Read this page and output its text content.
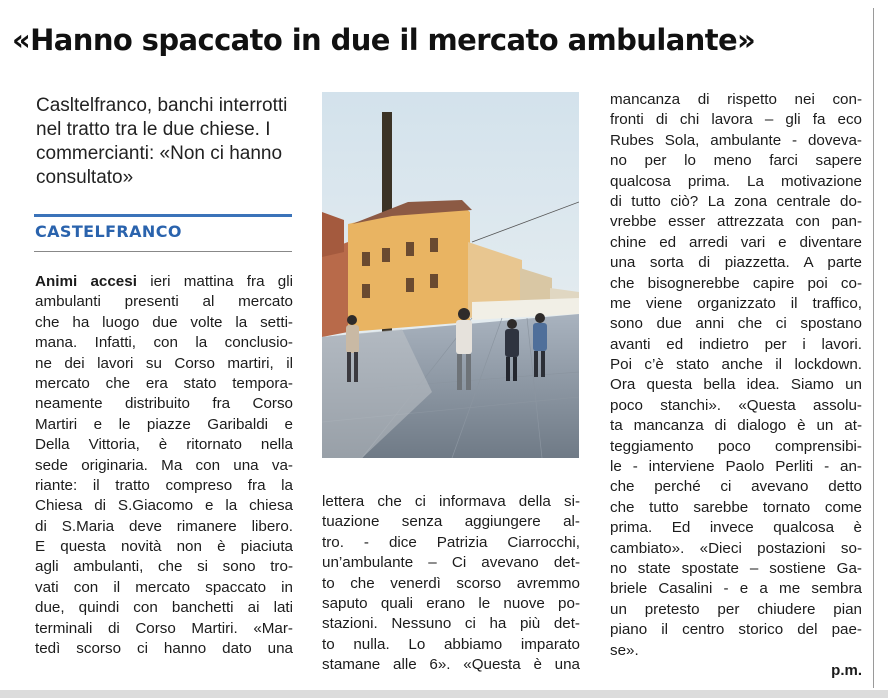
«Hanno spaccato in due il mercato ambulante»

Casltelfranco, banchi interrotti nel tratto tra le due chiese. I commercianti: «Non ci hanno consultato»

CASTELFRANCO
Animi accesi ieri mattina fra gli
ambulanti presenti al mercato
che ha luogo due volte la setti-
mana. Infatti, con la conclusio-
ne dei lavori su Corso martiri, il
mercato che era stato tempora-
neamente distribuito fra Corso
Martiri e le piazze Garibaldi e
Della Vittoria, è ritornato nella
sede originaria. Ma con una va-
riante: il tratto compreso fra la
Chiesa di S.Giacomo e la chiesa
di S.Maria deve rimanere libero.
E questa novità non è piaciuta
agli ambulanti, che si sono tro-
vati con il mercato spaccato in
due, quindi con banchetti ai lati
terminali di Corso Martiri. «Mar-
tedì scorso ci hanno dato una
lettera che ci informava della si-
tuazione senza aggiungere al-
tro. - dice Patrizia Ciarrocchi,
un’ambulante – Ci avevano det-
to che venerdì scorso avremmo
saputo quali erano le nuove po-
stazioni. Nessuno ci ha più det-
to nulla. Lo abbiamo imparato
stamane alle 6». «Questa è una
mancanza di rispetto nei con-
fronti di chi lavora – gli fa eco
Rubes Sola, ambulante - doveva-
no per lo meno farci sapere
qualcosa prima. La motivazione
di tutto ciò? La zona centrale do-
vrebbe esser attrezzata con pan-
chine ed arredi vari e diventare
una sorta di piazzetta. A parte
che bisognerebbe capire poi co-
me viene organizzato il traffico,
sono due anni che ci spostano
avanti ed indietro per i lavori.
Poi c’è stato anche il lockdown.
Ora questa bella idea. Siamo un
poco stanchi». «Questa assolu-
ta mancanza di dialogo è un at-
teggiamento poco comprensibi-
le - interviene Paolo Perliti - an-
che perché ci avevano detto
che tutto sarebbe tornato come
prima. Ed invece qualcosa è
cambiato». «Dieci postazioni so-
no state spostate – sostiene Ga-
briele Casalini - e a me sembra
un pretesto per chiudere pian
piano il centro storico del pae-
se».
p.m.
